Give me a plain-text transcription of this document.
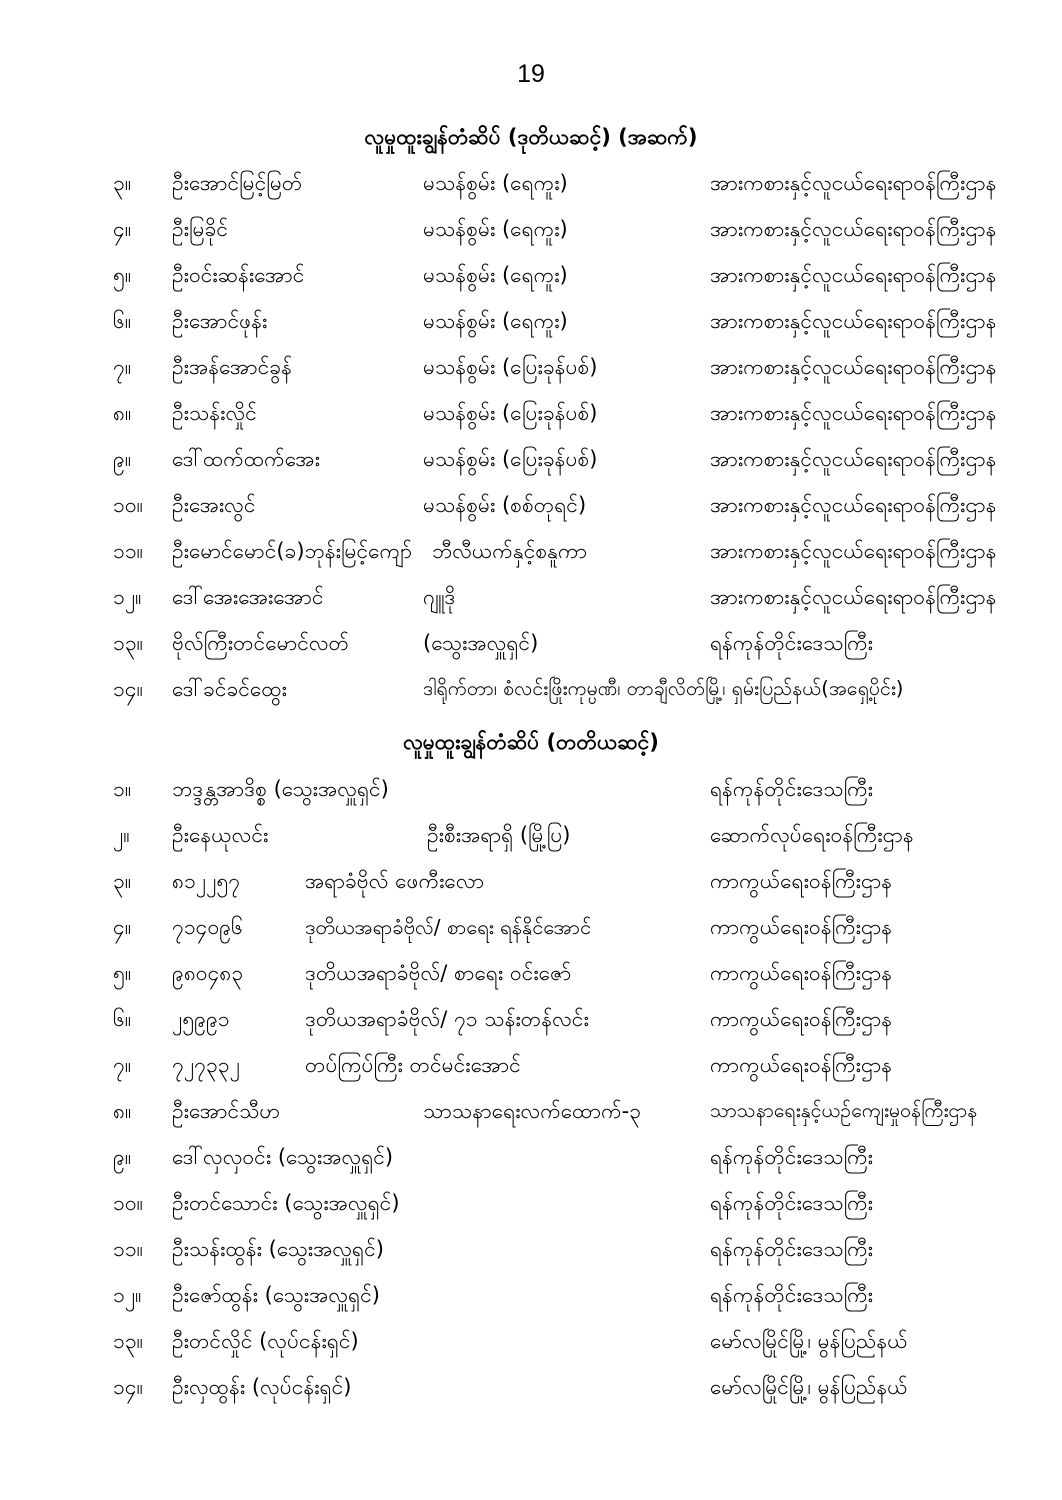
19
လူမှုထူးချွန်တံဆိပ် (ဒုတိယဆင့်) (အဆက်)
၃။ ဦးအောင်မြင့်မြတ်	မသန်စွမ်း (ရေကူး)	အားကစားနှင့်လူငယ်ရေးရာဝန်ကြီးဌာန
၄။ ဦးမြခိုင်	မသန်စွမ်း (ရေကူး)	အားကစားနှင့်လူငယ်ရေးရာဝန်ကြီးဌာန
၅။ ဦးဝင်းဆန်းအောင်	မသန်စွမ်း (ရေကူး)	အားကစားနှင့်လူငယ်ရေးရာဝန်ကြီးဌာန
၆။ ဦးအောင်ဖုန်း	မသန်စွမ်း (ရေကူး)	အားကစားနှင့်လူငယ်ရေးရာဝန်ကြီးဌာန
၇။ ဦးအန်အောင်ခွန်	မသန်စွမ်း (ပြေးခုန်ပစ်)	အားကစားနှင့်လူငယ်ရေးရာဝန်ကြီးဌာန
၈။ ဦးသန်းလှိုင်	မသန်စွမ်း (ပြေးခုန်ပစ်)	အားကစားနှင့်လူငယ်ရေးရာဝန်ကြီးဌာန
၉။ ဒေါ်ထက်ထက်အေး	မသန်စွမ်း (ပြေးခုန်ပစ်)	အားကစားနှင့်လူငယ်ရေးရာဝန်ကြီးဌာန
၁၀။ ဦးအေးလွင်	မသန်စွမ်း (စစ်တုရင်)	အားကစားနှင့်လူငယ်ရေးရာဝန်ကြီးဌာန
၁၁။ ဦးမောင်မောင်(ခ)ဘုန်းမြင့်ကျော် ဘီလီယက်နှင့်စနူကာ	အားကစားနှင့်လူငယ်ရေးရာဝန်ကြီးဌာန
၁၂။ ဒေါ်အေးအေးအောင်	ဂျူဒို	အားကစားနှင့်လူငယ်ရေးရာဝန်ကြီးဌာန
၁၃။ ဗိုလ်ကြီးတင်မောင်လတ်	(သွေးအလှူရှင်)	ရန်ကုန်တိုင်းဒေသကြီး
၁၄။ ဒေါ်ခင်ခင်ထွေး	ဒါရိုက်တာ၊ စံလင်းဖြိုးကုမ္ပဏီ၊ တာချီလိတ်မြို့၊ ရှမ်းပြည်နယ်(အရှေ့ပိုင်း)
လူမှုထူးချွန်တံဆိပ် (တတိယဆင့်)
၁။ ဘဒ္ဒန္တအာဒိစ္စ (သွေးအလှူရှင်)	ရန်ကုန်တိုင်းဒေသကြီး
၂။ ဦးနေယုလင်း	ဦးစီးအရာရှိ (မြို့ပြ)	ဆောက်လုပ်ရေးဝန်ကြီးဌာန
၃။ ၈၁၂၂၅၇	အရာခံဗိုလ် ဖေကီးလော	ကာကွယ်ရေးဝန်ကြီးဌာန
၄။ ၇၁၄၀၉၆	ဒုတိယအရာခံဗိုလ်/ စာရေး ရန်နိုင်အောင်	ကာကွယ်ရေးဝန်ကြီးဌာန
၅။ ၉၈၀၄၈၃	ဒုတိယအရာခံဗိုလ်/ စာရေး ဝင်းဇော်	ကာကွယ်ရေးဝန်ကြီးဌာန
၆။ ၂၅၉၉၁	ဒုတိယအရာခံဗိုလ်/ ၇၁ သန်းတန်လင်း	ကာကွယ်ရေးဝန်ကြီးဌာန
၇။ ၇၂၇၃၃၂	တပ်ကြပ်ကြီး တင်မင်းအောင်	ကာကွယ်ရေးဝန်ကြီးဌာန
၈။ ဦးအောင်သီဟ	သာသနာရေးလက်ထောက်-၃	သာသနာရေးနှင့်ယဉ်ကျေးမှုဝန်ကြီးဌာန
၉။ ဒေါ်လှလှဝင်း (သွေးအလှူရှင်)	ရန်ကုန်တိုင်းဒေသကြီး
၁၀။ ဦးတင်သောင်း (သွေးအလှူရှင်)	ရန်ကုန်တိုင်းဒေသကြီး
၁၁။ ဦးသန်းထွန်း (သွေးအလှူရှင်)	ရန်ကုန်တိုင်းဒေသကြီး
၁၂။ ဦးဇော်ထွန်း (သွေးအလှူရှင်)	ရန်ကုန်တိုင်းဒေသကြီး
၁၃။ ဦးတင်လှိုင် (လုပ်ငန်းရှင်)	မော်လမြိုင်မြို့၊ မွန်ပြည်နယ်
၁၄။ ဦးလှထွန်း (လုပ်ငန်းရှင်)	မော်လမြိုင်မြို့၊ မွန်ပြည်နယ်
